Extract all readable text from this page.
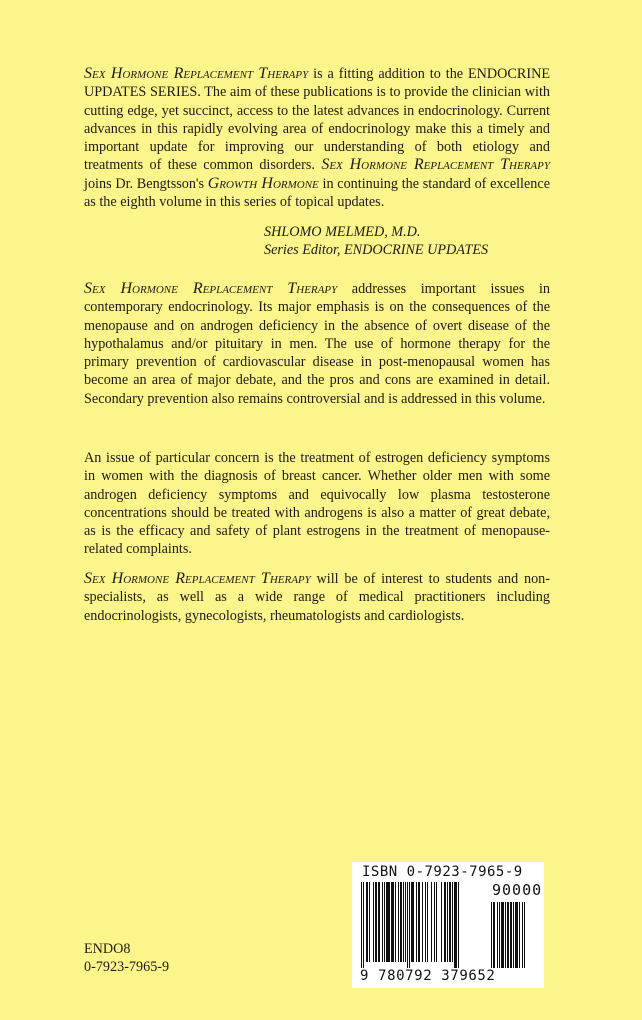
Sex Hormone Replacement Therapy is a fitting addition to the ENDOCRINE UPDATES SERIES. The aim of these publications is to provide the clinician with cutting edge, yet succinct, access to the latest advances in endocrinology. Current advances in this rapidly evolving area of endocrinology make this a timely and important update for improving our understanding of both etiology and treatments of these common disorders. Sex Hormone Replacement Therapy joins Dr. Bengtsson's Growth Hormone in continuing the standard of excellence as the eighth volume in this series of topical updates.

SHLOMO MELMED, M.D.
Series Editor, ENDOCRINE UPDATES

Sex Hormone Replacement Therapy addresses important issues in contemporary endocrinology. Its major emphasis is on the consequences of the menopause and on androgen deficiency in the absence of overt disease of the hypothalamus and/or pituitary in men. The use of hormone therapy for the primary prevention of cardiovascular disease in post-menopausal women has become an area of major debate, and the pros and cons are examined in detail. Secondary prevention also remains controversial and is addressed in this volume.

An issue of particular concern is the treatment of estrogen deficiency symptoms in women with the diagnosis of breast cancer. Whether older men with some androgen deficiency symptoms and equivocally low plasma testosterone concentrations should be treated with androgens is also a matter of great debate, as is the efficacy and safety of plant estrogens in the treatment of menopause-related complaints.

Sex Hormone Replacement Therapy will be of interest to students and non-specialists, as well as a wide range of medical practitioners including endocrinologists, gynecologists, rheumatologists and cardiologists.

ENDO8
0-7923-7965-9
ISBN 0-7923-7965-9
90000
9 780792 379652
